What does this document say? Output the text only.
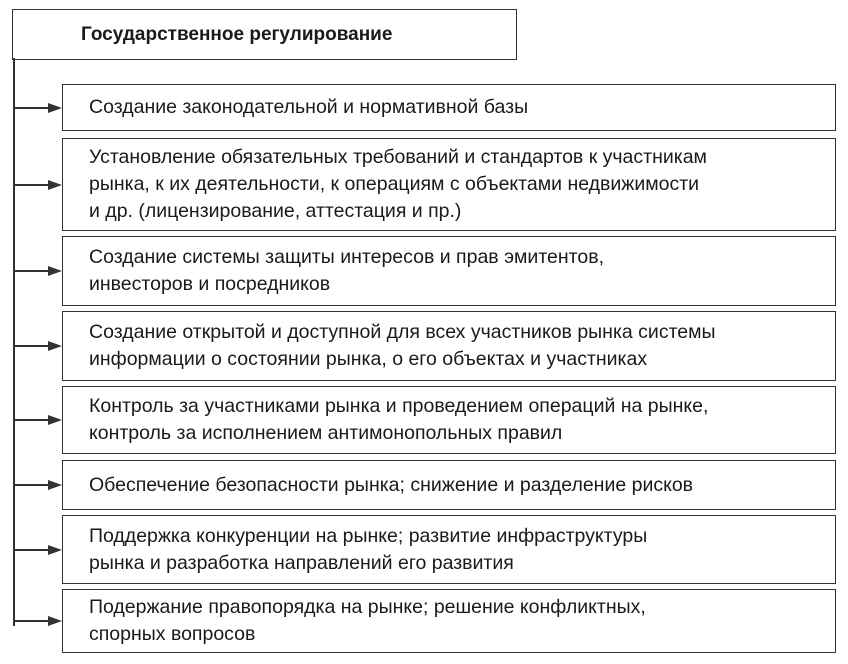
Государственное регулирование
Создание законодательной и нормативной базы
Установление обязательных требований и стандартов к участникам
рынка, к их деятельности, к операциям с объектами недвижимости
и др. (лицензирование, аттестация и пр.)
Создание системы защиты интересов и прав эмитентов,
инвесторов и посредников
Создание открытой и доступной для всех участников рынка системы
информации о состоянии рынка, о его объектах и участниках
Контроль за участниками рынка и проведением операций на рынке,
контроль за исполнением антимонопольных правил
Обеспечение безопасности рынка; снижение и разделение рисков
Поддержка конкуренции на рынке; развитие инфраструктуры
рынка и разработка направлений его развития
Подержание правопорядка на рынке; решение конфликтных,
спорных вопросов
